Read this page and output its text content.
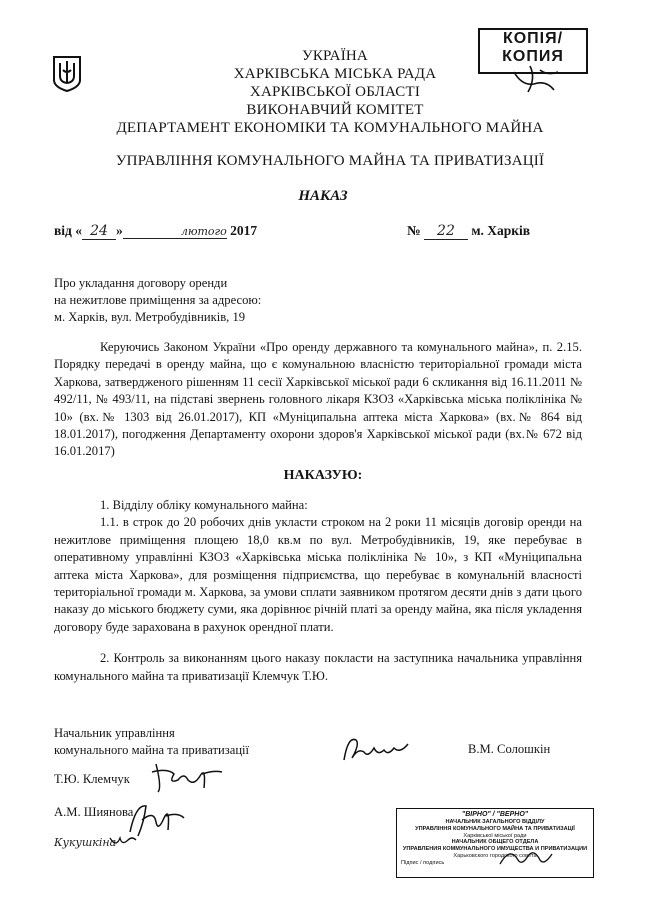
УКРАЇНА
ХАРКІВСЬКА МІСЬКА РАДА
ХАРКІВСЬКОЇ ОБЛАСТІ
ВИКОНАВЧИЙ КОМІТЕТ
ДЕПАРТАМЕНТ ЕКОНОМІКИ ТА КОМУНАЛЬНОГО МАЙНА
УПРАВЛІННЯ КОМУНАЛЬНОГО МАЙНА ТА ПРИВАТИЗАЦІЇ
КОПІЯ/
КОПИЯ
НАКАЗ
від « 24 »	лютого 2017	№ 22 м. Харків
Про укладання договору оренди
на нежитлове приміщення за адресою:
м. Харків, вул. Метробудівників, 19

Керуючись Законом України «Про оренду державного та комунального майна», п. 2.15. Порядку передачі в оренду майна, що є комунальною власністю територіальної громади міста Харкова, затвердженого рішенням 11 сесії Харківської міської ради 6 скликання від 16.11.2011 № 492/11, № 493/11, на підставі звернень головного лікаря КЗОЗ «Харківська міська поліклініка № 10» (вх.№ 1303 від 26.01.2017), КП «Муніципальна аптека міста Харкова» (вх.№ 864 від 18.01.2017), погодження Департаменту охорони здоров'я Харківської міської ради (вх.№ 672 від 16.01.2017)

НАКАЗУЮ:

1. Відділу обліку комунального майна:

1.1. в строк до 20 робочих днів укласти строком на 2 роки 11 місяців договір оренди на нежитлове приміщення площею 18,0 кв.м по вул. Метробудівників, 19, яке перебуває в оперативному управлінні КЗОЗ «Харківська міська поліклініка № 10», з КП «Муніципальна аптека міста Харкова», для розміщення підприємства, що перебуває в комунальній власності територіальної громади м. Харкова, за умови сплати заявником протягом десяти днів з дати цього наказу до міського бюджету суми, яка дорівнює річній платі за оренду майна, яка після укладення договору буде зарахована в рахунок орендної плати.

2. Контроль за виконанням цього наказу покласти на заступника начальника управління комунального майна та приватизації Клемчук Т.Ю.

Начальник управління
комунального майна та приватизації	В.М. Солошкін
Т.Ю. Клемчук
А.М. Шиянова
Кукушкіна
"ВІРНО" / "ВЕРНО"
НАЧАЛЬНИК ЗАГАЛЬНОГО ВІДДІЛУ
УПРАВЛІННЯ КОМУНАЛЬНОГО МАЙНА ТА ПРИВАТИЗАЦІЇ
Харківської міської ради
НАЧАЛЬНИК ОБЩЕГО ОТДЕЛА
УПРАВЛЕНИЯ КОММУНАЛЬНОГО ИМУЩЕСТВА И ПРИВАТИЗАЦИИ
Харьковского городского совета
Підпис / подпись
